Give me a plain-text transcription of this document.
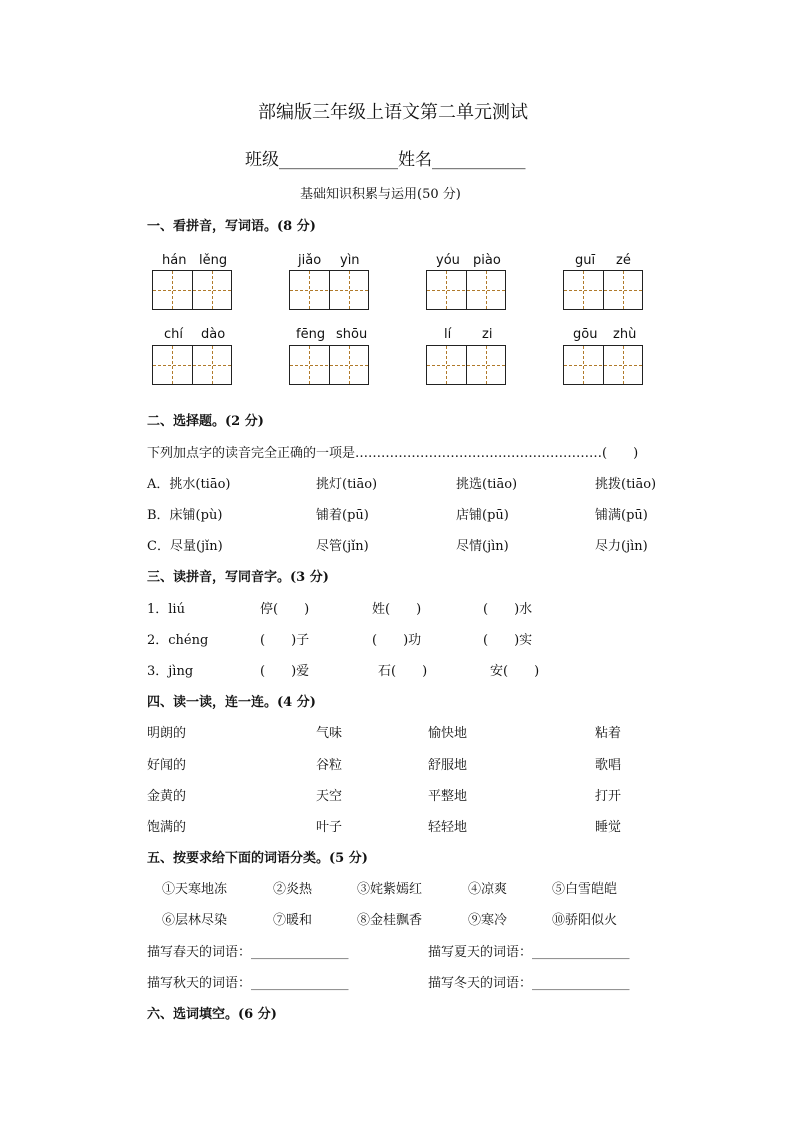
部编版三年级上语文第二单元测试
班级______________姓名___________
基础知识积累与运用(50 分)
一、看拼音，写词语。(8 分)
hán lěng	jiǎo yìn	yóu piào	guī zé
chí dào	fēng shōu	lí zi	gōu zhù
二、选择题。(2 分)
下列加点字的读音完全正确的一项是…………………………………………………(　　)
A．挑水(tiāo)	挑灯(tiāo)	挑选(tiāo)	挑拨(tiāo)
B．床铺(pù)	铺着(pū)	店铺(pū)	铺满(pū)
C．尽量(jǐn)	尽管(jǐn)	尽情(jìn)	尽力(jìn)
三、读拼音，写同音字。(3 分)
1．liú	停(　　)	姓(　　)	(　　)水
2．chéng	(　　)子	(　　)功	(　　)实
3．jìng	(　　)爱	石(　　)	安(　　)
四、读一读，连一连。(4 分)
明朗的	气味	愉快地	粘着
好闻的	谷粒	舒服地	歌唱
金黄的	天空	平整地	打开
饱满的	叶子	轻轻地	睡觉
五、按要求给下面的词语分类。(5 分)
①天寒地冻	②炎热	③姹紫嫣红	④凉爽	⑤白雪皑皑
⑥层林尽染	⑦暖和	⑧金桂飘香	⑨寒冷	⑩骄阳似火
描写春天的词语：_______________	描写夏天的词语：_______________
描写秋天的词语：_______________	描写冬天的词语：_______________
六、选词填空。(6 分)
